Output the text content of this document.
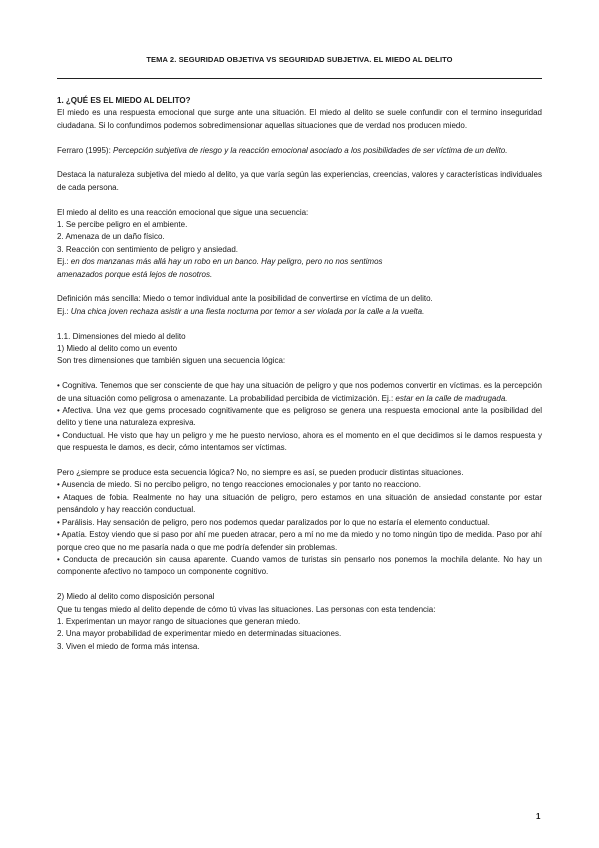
TEMA 2. SEGURIDAD OBJETIVA VS SEGURIDAD SUBJETIVA. EL MIEDO AL DELITO

1. ¿QUÉ ES EL MIEDO AL DELITO?

El miedo es una respuesta emocional que surge ante una situación. El miedo al delito se suele confundir con el termino inseguridad ciudadana. Si lo confundimos podemos sobredimensionar aquellas situaciones que de verdad nos producen miedo.

Ferraro (1995): Percepción subjetiva de riesgo y la reacción emocional asociado a los posibilidades de ser víctima de un delito.

Destaca la naturaleza subjetiva del miedo al delito, ya que varía según las experiencias, creencias, valores y características individuales de cada persona.

El miedo al delito es una reacción emocional que sigue una secuencia:

1. Se percibe peligro en el ambiente.

2. Amenaza de un daño físico.

3. Reacción con sentimiento de peligro y ansiedad.

Ej.: en dos manzanas más allá hay un robo en un banco. Hay peligro, pero no nos sentimos

amenazados porque está lejos de nosotros.

Definición más sencilla: Miedo o temor individual ante la posibilidad de convertirse en víctima de un delito.

Ej.: Una chica joven rechaza asistir a una fiesta nocturna por temor a ser violada por la calle a la vuelta.

1.1. Dimensiones del miedo al delito

1) Miedo al delito como un evento

Son tres dimensiones que también siguen una secuencia lógica:

• Cognitiva. Tenemos que ser consciente de que hay una situación de peligro y que nos podemos convertir en víctimas. es la percepción de una situación como peligrosa o amenazante. La probabilidad percibida de victimización. Ej.: estar en la calle de madrugada.

• Afectiva. Una vez que gems procesado cognitivamente que es peligroso se genera una respuesta emocional ante la posibilidad del delito y tiene una naturaleza expresiva.

• Conductual. He visto que hay un peligro y me he puesto nervioso, ahora es el momento en el que decidimos si le damos respuesta y que respuesta le damos, es decir, cómo intentamos ser víctimas.

Pero ¿siempre se produce esta secuencia lógica? No, no siempre es así, se pueden producir distintas situaciones.

• Ausencia de miedo. Si no percibo peligro, no tengo reacciones emocionales y por tanto no reacciono.

• Ataques de fobia. Realmente no hay una situación de peligro, pero estamos en una situación de ansiedad constante por estar pensándolo y hay reacción conductual.

• Parálisis. Hay sensación de peligro, pero nos podemos quedar paralizados por lo que no estaría el elemento conductual.

• Apatía. Estoy viendo que si paso por ahí me pueden atracar, pero a mí no me da miedo y no tomo ningún tipo de medida. Paso por ahí porque creo que no me pasaría nada o que me podría defender sin problemas.

• Conducta de precaución sin causa aparente. Cuando vamos de turistas sin pensarlo nos ponemos la mochila delante. No hay un componente afectivo no tampoco un componente cognitivo.

2) Miedo al delito como disposición personal

Que tu tengas miedo al delito depende de cómo tú vivas las situaciones. Las personas con esta tendencia:

1. Experimentan un mayor rango de situaciones que generan miedo.

2. Una mayor probabilidad de experimentar miedo en determinadas situaciones.

3. Viven el miedo de forma más intensa.

1
